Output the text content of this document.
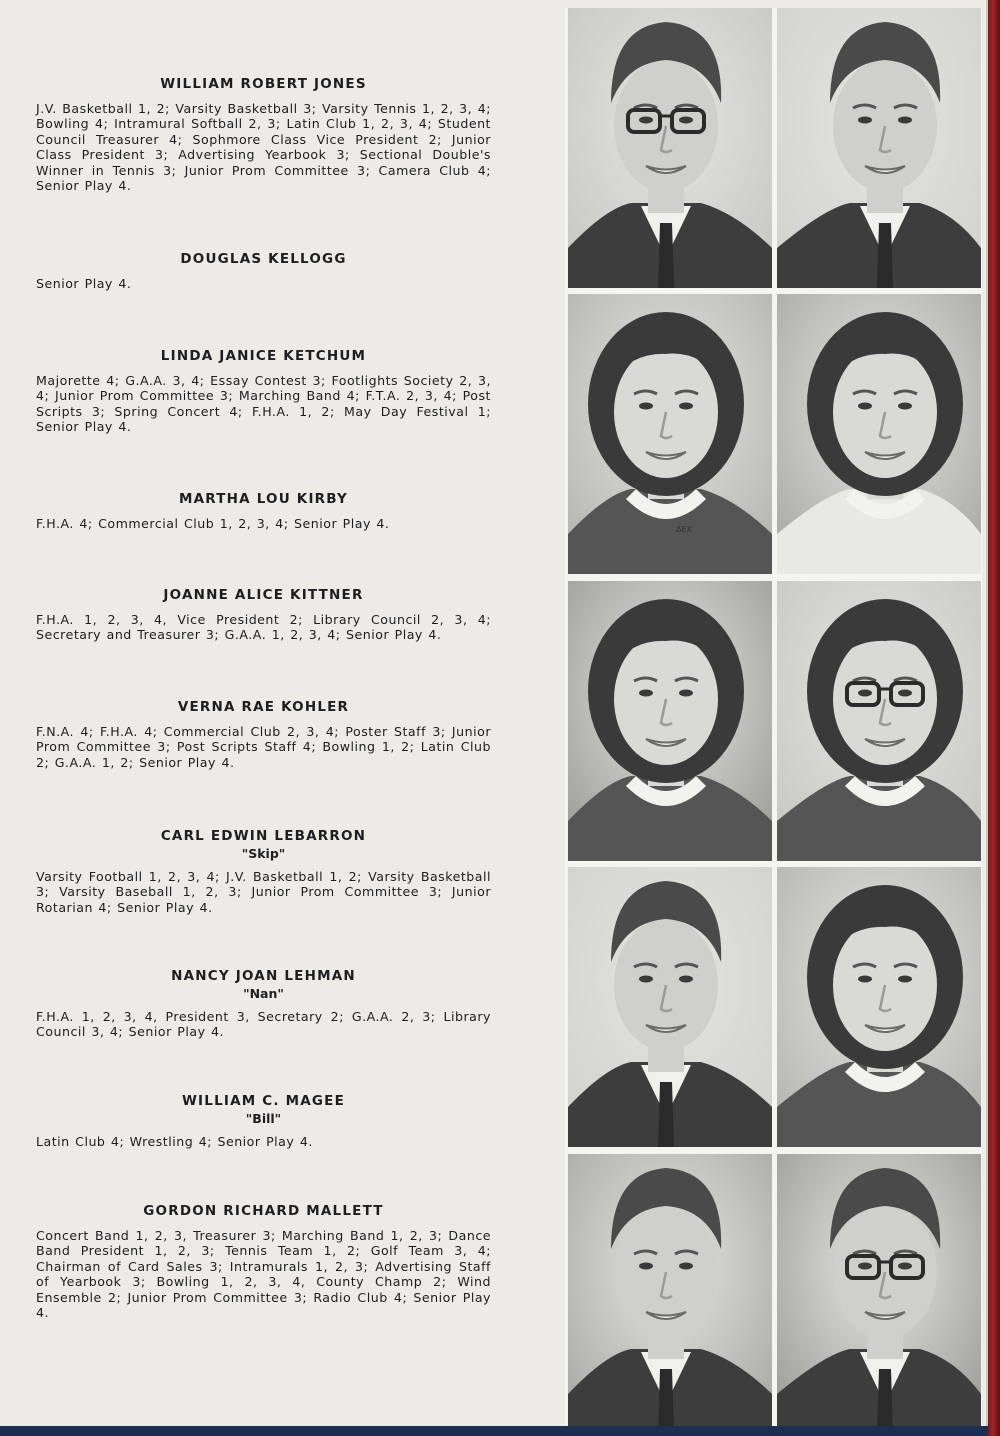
WILLIAM ROBERT JONES
J.V. Basketball 1, 2; Varsity Basketball 3; Varsity Tennis 1, 2, 3, 4; Bowling 4; Intramural Softball 2, 3; Latin Club 1, 2, 3, 4; Student Council Treasurer 4; Sophmore Class Vice President 2; Junior Class President 3; Advertising Yearbook 3; Sectional Double's Winner in Tennis 3; Junior Prom Committee 3; Camera Club 4; Senior Play 4.
DOUGLAS KELLOGG
Senior Play 4.
LINDA JANICE KETCHUM
Majorette 4; G.A.A. 3, 4; Essay Contest 3; Footlights Society 2, 3, 4; Junior Prom Committee 3; Marching Band 4; F.T.A. 2, 3, 4; Post Scripts 3; Spring Concert 4; F.H.A. 1, 2; May Day Festival 1; Senior Play 4.
MARTHA LOU KIRBY
F.H.A. 4; Commercial Club 1, 2, 3, 4; Senior Play 4.
JOANNE ALICE KITTNER
F.H.A. 1, 2, 3, 4, Vice President 2; Library Council 2, 3, 4; Secretary and Treasurer 3; G.A.A. 1, 2, 3, 4; Senior Play 4.
VERNA RAE KOHLER
F.N.A. 4; F.H.A. 4; Commercial Club 2, 3, 4; Poster Staff 3; Junior Prom Committee 3; Post Scripts Staff 4; Bowling 1, 2; Latin Club 2; G.A.A. 1, 2; Senior Play 4.
CARL EDWIN LEBARRON
"Skip"
Varsity Football 1, 2, 3, 4; J.V. Basketball 1, 2; Varsity Basketball 3; Varsity Baseball 1, 2, 3; Junior Prom Committee 3; Junior Rotarian 4; Senior Play 4.
NANCY JOAN LEHMAN
"Nan"
F.H.A. 1, 2, 3, 4, President 3, Secretary 2; G.A.A. 2, 3; Library Council 3, 4; Senior Play 4.
WILLIAM C. MAGEE
"Bill"
Latin Club 4; Wrestling 4; Senior Play 4.
GORDON RICHARD MALLETT
Concert Band 1, 2, 3, Treasurer 3; Marching Band 1, 2, 3; Dance Band President 1, 2, 3; Tennis Team 1, 2; Golf Team 3, 4; Chairman of Card Sales 3; Intramurals 1, 2, 3; Advertising Staff of Yearbook 3; Bowling 1, 2, 3, 4, County Champ 2; Wind Ensemble 2; Junior Prom Committee 3; Radio Club 4; Senior Play 4.
ΔEX
